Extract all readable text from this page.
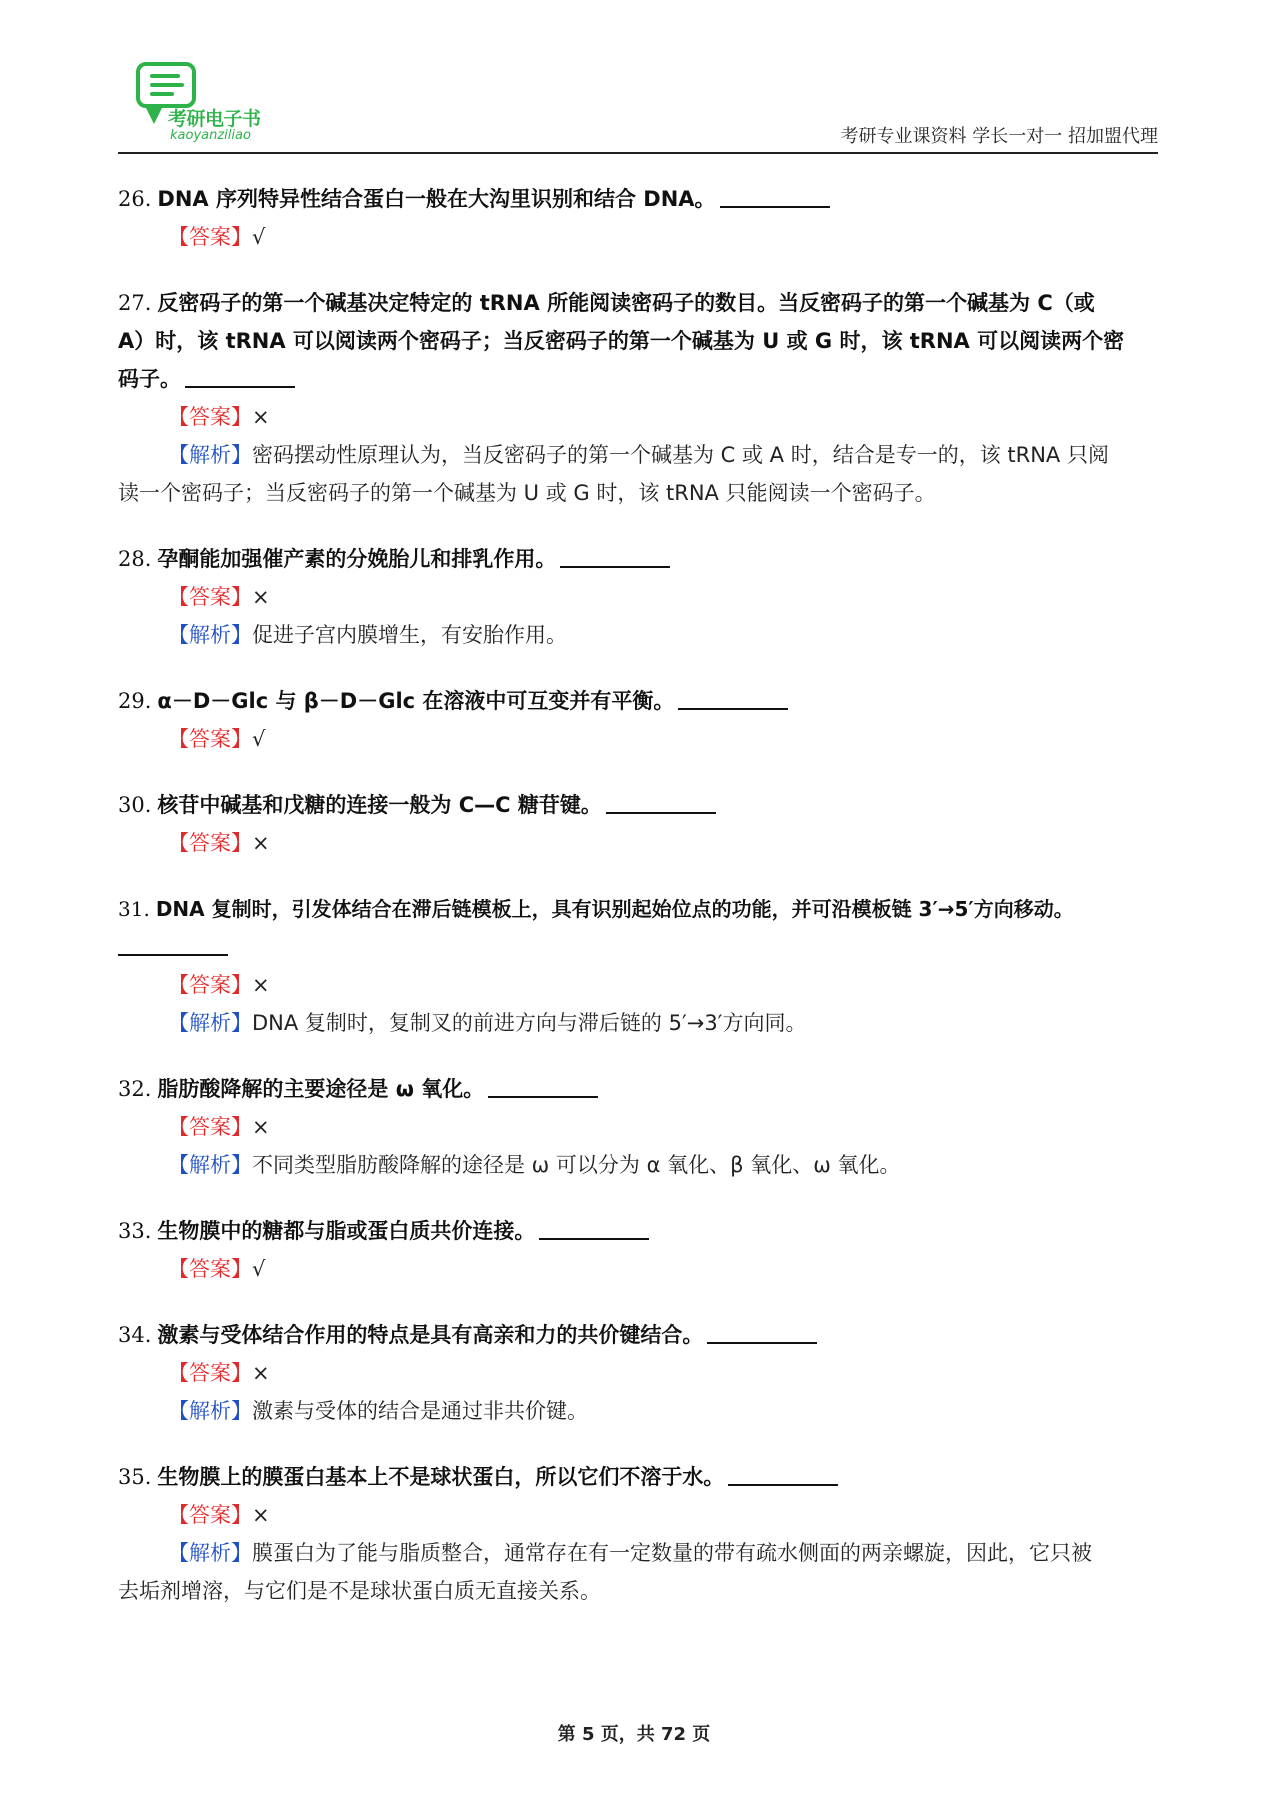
考研电子书
kaoyanziliao	考研专业课资料 学长一对一 招加盟代理
26. DNA 序列特异性结合蛋白一般在大沟里识别和结合 DNA。
【答案】√
27. 反密码子的第一个碱基决定特定的 tRNA 所能阅读密码子的数目。当反密码子的第一个碱基为 C（或
A）时，该 tRNA 可以阅读两个密码子；当反密码子的第一个碱基为 U 或 G 时，该 tRNA 可以阅读两个密
码子。
【答案】×
【解析】密码摆动性原理认为，当反密码子的第一个碱基为 C 或 A 时，结合是专一的，该 tRNA 只阅
读一个密码子；当反密码子的第一个碱基为 U 或 G 时，该 tRNA 只能阅读一个密码子。
28. 孕酮能加强催产素的分娩胎儿和排乳作用。
【答案】×
【解析】促进子宫内膜增生，有安胎作用。
29. α－D－Glc 与 β－D－Glc 在溶液中可互变并有平衡。
【答案】√
30. 核苷中碱基和戊糖的连接一般为 C—C 糖苷键。
【答案】×
31. DNA 复制时，引发体结合在滞后链模板上，具有识别起始位点的功能，并可沿模板链 3′→5′方向移动。
【答案】×
【解析】DNA 复制时，复制叉的前进方向与滞后链的 5′→3′方向同。
32. 脂肪酸降解的主要途径是 ω 氧化。
【答案】×
【解析】不同类型脂肪酸降解的途径是 ω 可以分为 α 氧化、β 氧化、ω 氧化。
33. 生物膜中的糖都与脂或蛋白质共价连接。
【答案】√
34. 激素与受体结合作用的特点是具有高亲和力的共价键结合。
【答案】×
【解析】激素与受体的结合是通过非共价键。
35. 生物膜上的膜蛋白基本上不是球状蛋白，所以它们不溶于水。
【答案】×
【解析】膜蛋白为了能与脂质整合，通常存在有一定数量的带有疏水侧面的两亲螺旋，因此，它只被
去垢剂增溶，与它们是不是球状蛋白质无直接关系。
第 5 页，共 72 页
